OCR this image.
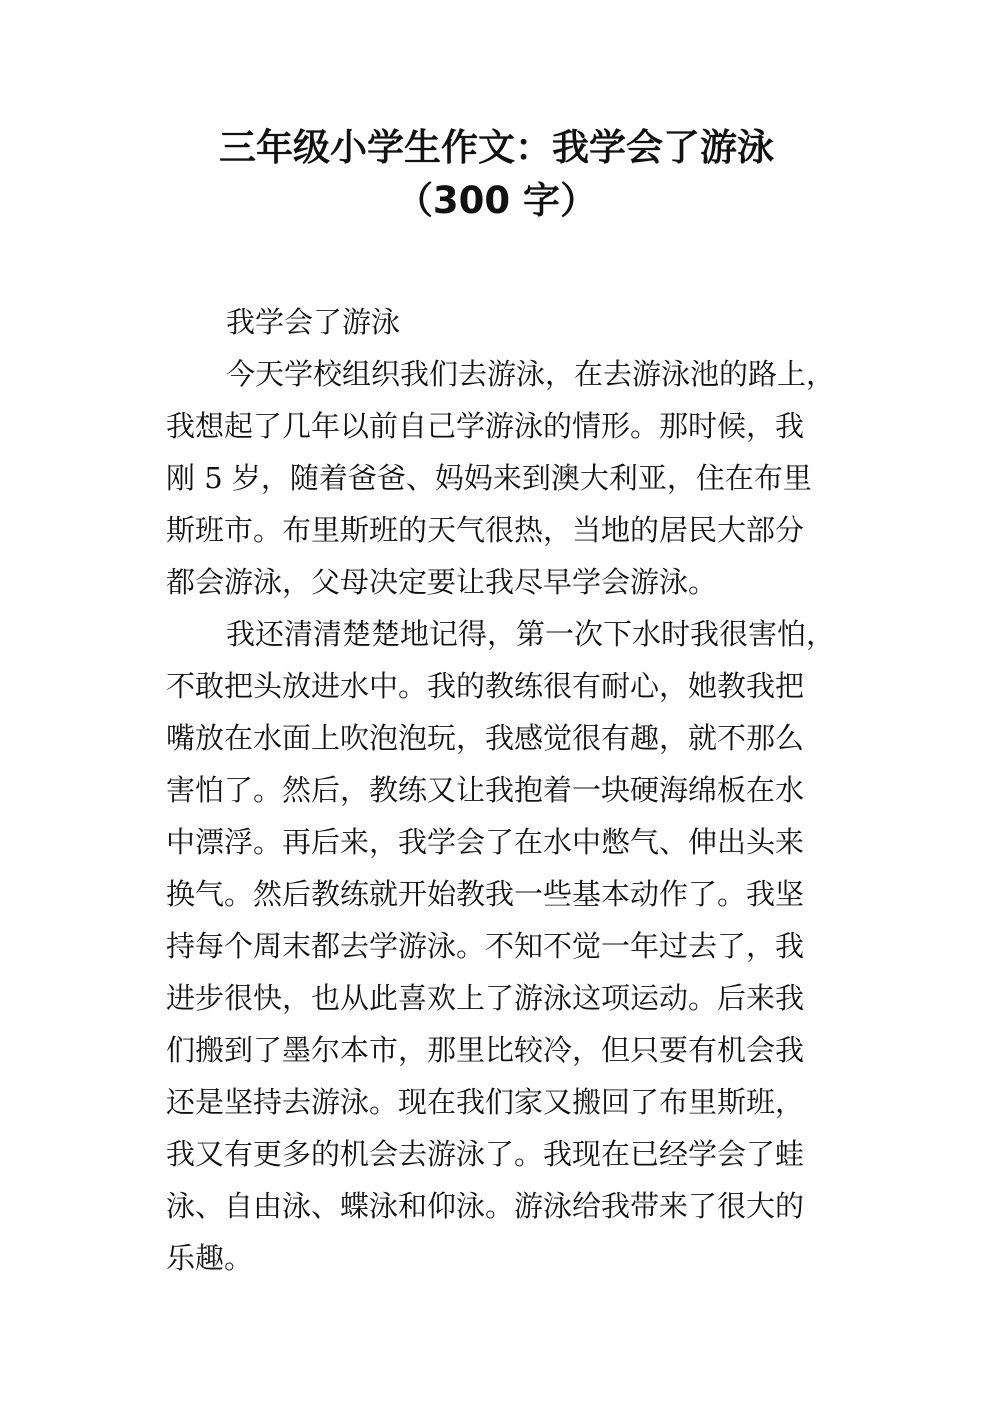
三年级小学生作文：我学会了游泳
（300 字）
我学会了游泳
今天学校组织我们去游泳，在去游泳池的路上，
我想起了几年以前自己学游泳的情形。那时候，我
刚 5 岁，随着爸爸、妈妈来到澳大利亚，住在布里
斯班市。布里斯班的天气很热，当地的居民大部分
都会游泳，父母决定要让我尽早学会游泳。
我还清清楚楚地记得，第一次下水时我很害怕，
不敢把头放进水中。我的教练很有耐心，她教我把
嘴放在水面上吹泡泡玩，我感觉很有趣，就不那么
害怕了。然后，教练又让我抱着一块硬海绵板在水
中漂浮。再后来，我学会了在水中憋气、伸出头来
换气。然后教练就开始教我一些基本动作了。我坚
持每个周末都去学游泳。不知不觉一年过去了，我
进步很快，也从此喜欢上了游泳这项运动。后来我
们搬到了墨尔本市，那里比较冷，但只要有机会我
还是坚持去游泳。现在我们家又搬回了布里斯班，
我又有更多的机会去游泳了。我现在已经学会了蛙
泳、自由泳、蝶泳和仰泳。游泳给我带来了很大的
乐趣。
